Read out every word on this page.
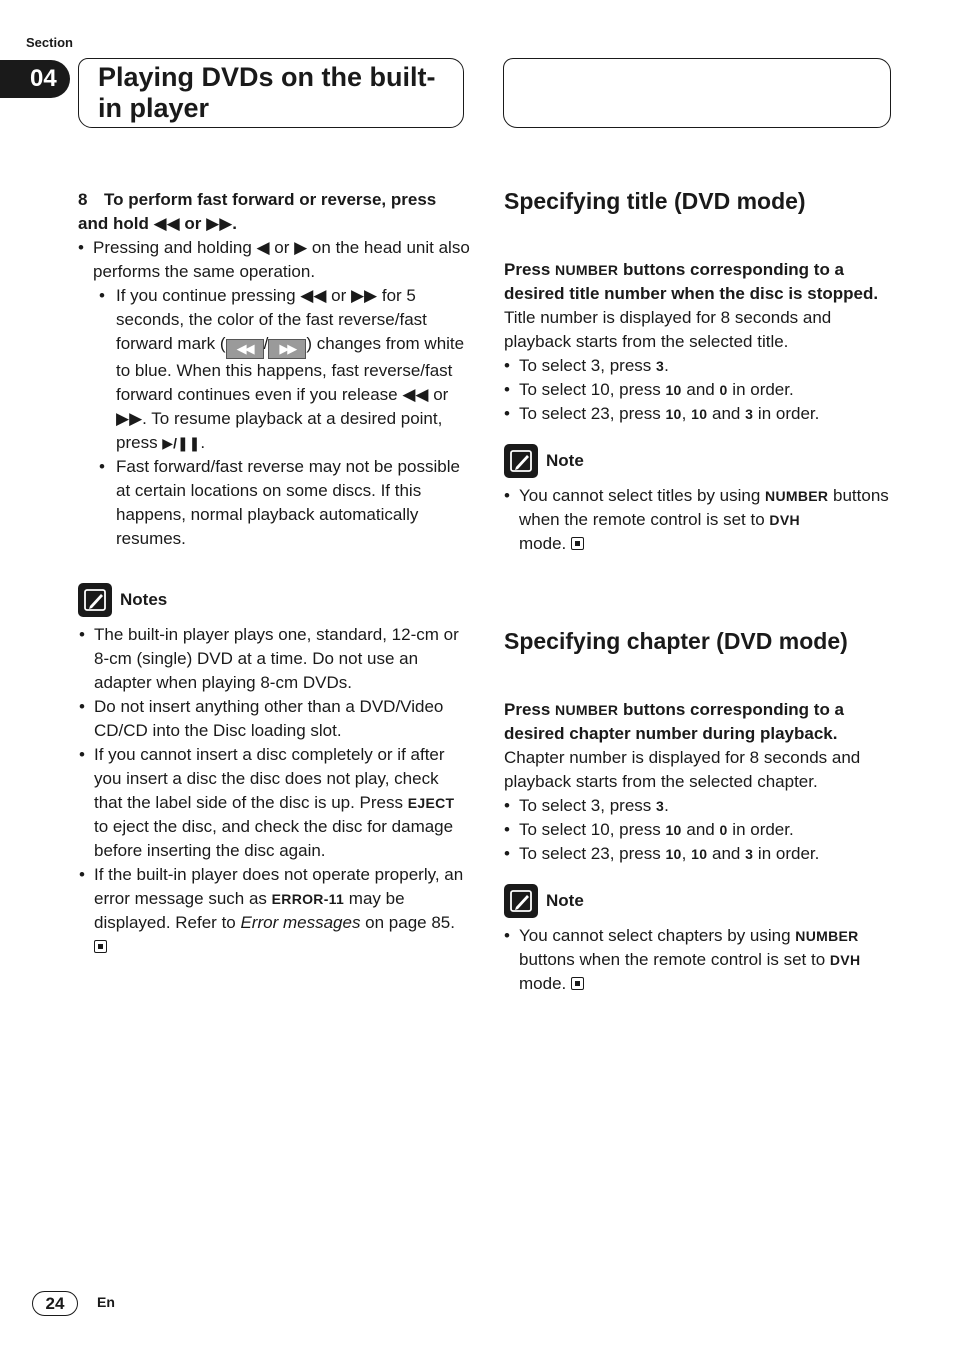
Section
04	Playing DVDs on the built-in player

8 To perform fast forward or reverse, press and hold ◀◀ or ▶▶.

• Pressing and holding ◀ or ▶ on the head unit also performs the same operation.

• If you continue pressing ◀◀ or ▶▶ for 5 seconds, the color of the fast reverse/fast forward mark ( ◀◀ / ▶▶ ) changes from white to blue. When this happens, fast reverse/fast forward continues even if you release ◀◀ or ▶▶. To resume playback at a desired point, press ▶/❚❚.

• Fast forward/fast reverse may not be possible at certain locations on some discs. If this happens, normal playback automatically resumes.

Notes

• The built-in player plays one, standard, 12-cm or 8-cm (single) DVD at a time. Do not use an adapter when playing 8-cm DVDs.

• Do not insert anything other than a DVD/Video CD/CD into the Disc loading slot.

• If you cannot insert a disc completely or if after you insert a disc the disc does not play, check that the label side of the disc is up. Press EJECT to eject the disc, and check the disc for damage before inserting the disc again.

• If the built-in player does not operate properly, an error message such as ERROR-11 may be displayed. Refer to Error messages on page 85.

Specifying title (DVD mode)

Press NUMBER buttons corresponding to a desired title number when the disc is stopped.

Title number is displayed for 8 seconds and playback starts from the selected title.

• To select 3, press 3.

• To select 10, press 10 and 0 in order.

• To select 23, press 10, 10 and 3 in order.

Note

• You cannot select titles by using NUMBER buttons when the remote control is set to DVH
mode.

Specifying chapter (DVD mode)

Press NUMBER buttons corresponding to a desired chapter number during playback.

Chapter number is displayed for 8 seconds and playback starts from the selected chapter.

• To select 3, press 3.

• To select 10, press 10 and 0 in order.

• To select 23, press 10, 10 and 3 in order.

Note

• You cannot select chapters by using NUMBER buttons when the remote control is set to DVH
mode.

24	En
